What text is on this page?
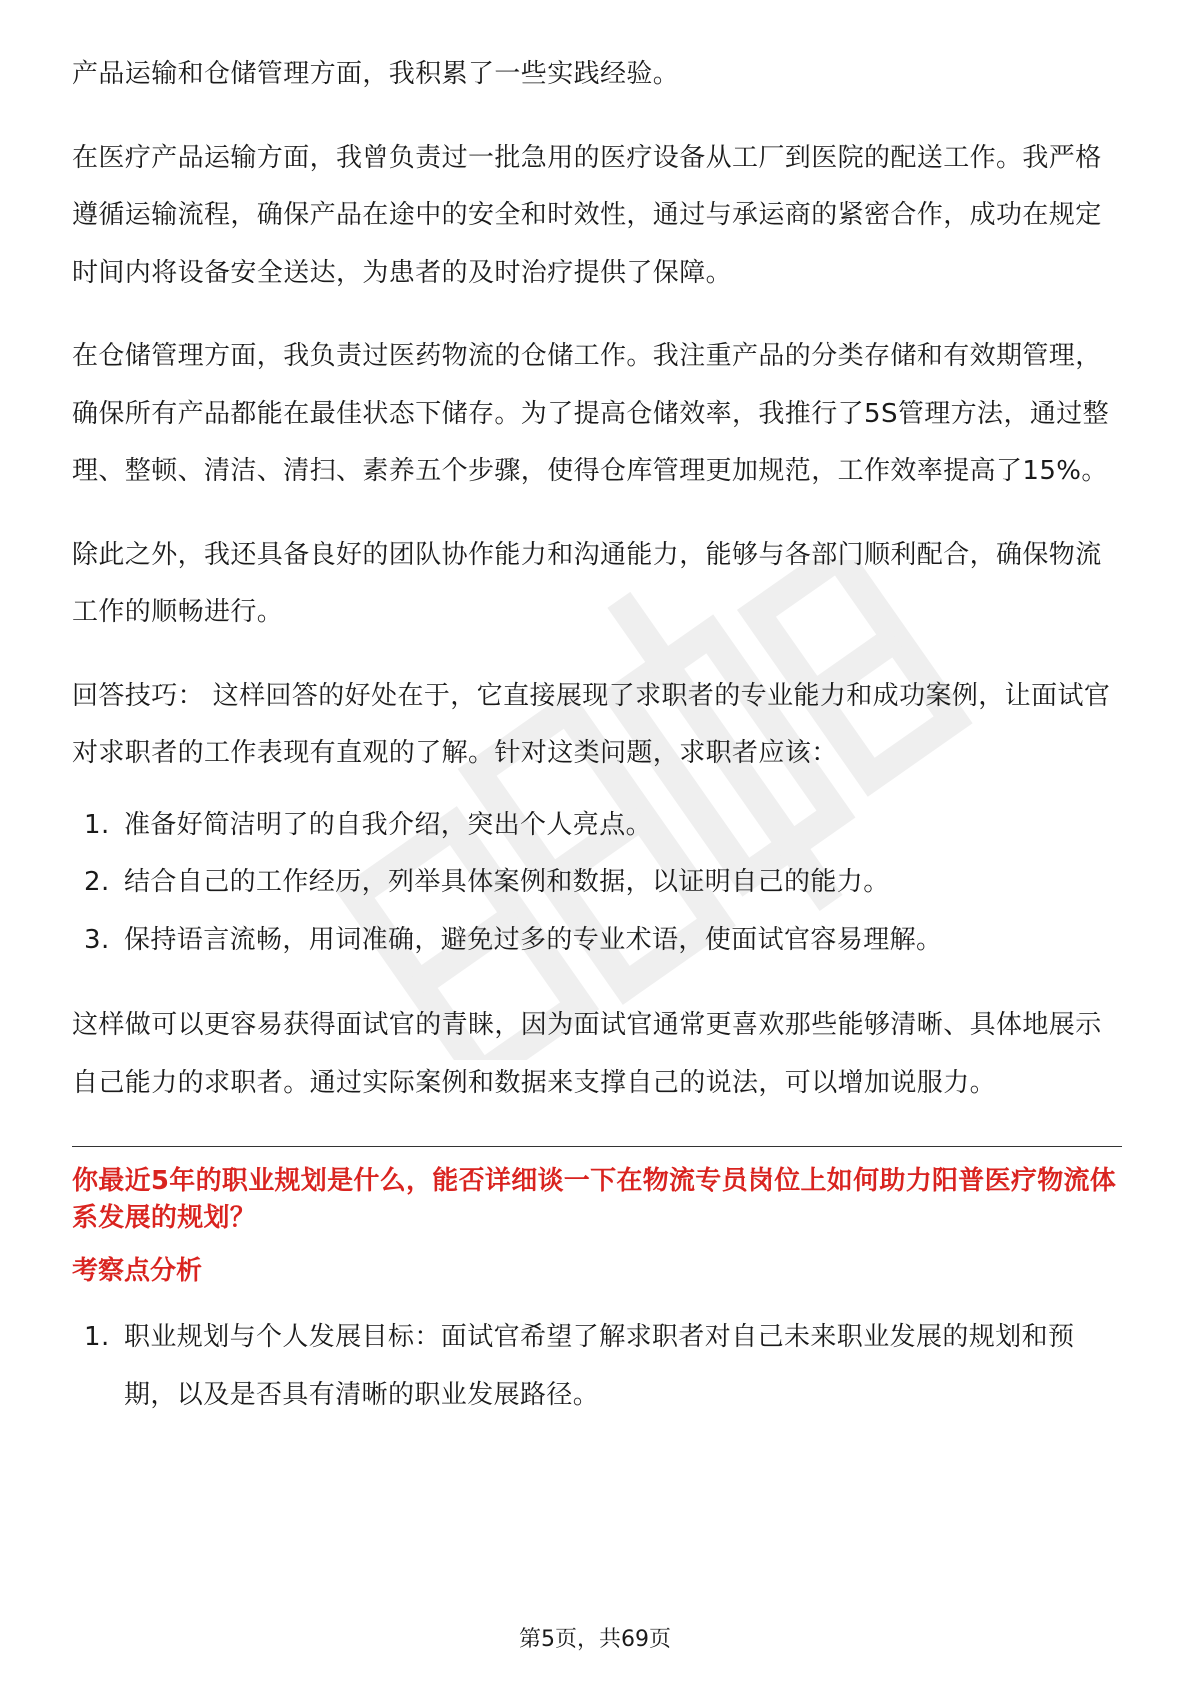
产品运输和仓储管理方面，我积累了一些实践经验。

在医疗产品运输方面，我曾负责过一批急用的医疗设备从工厂到医院的配送工作。我严格遵循运输流程，确保产品在途中的安全和时效性，通过与承运商的紧密合作，成功在规定时间内将设备安全送达，为患者的及时治疗提供了保障。

在仓储管理方面，我负责过医药物流的仓储工作。我注重产品的分类存储和有效期管理，确保所有产品都能在最佳状态下储存。为了提高仓储效率，我推行了5S管理方法，通过整理、整顿、清洁、清扫、素养五个步骤，使得仓库管理更加规范，工作效率提高了15%。

除此之外，我还具备良好的团队协作能力和沟通能力，能够与各部门顺利配合，确保物流工作的顺畅进行。

回答技巧： 这样回答的好处在于，它直接展现了求职者的专业能力和成功案例，让面试官对求职者的工作表现有直观的了解。针对这类问题，求职者应该：

1. 准备好简洁明了的自我介绍，突出个人亮点。
2. 结合自己的工作经历，列举具体案例和数据，以证明自己的能力。
3. 保持语言流畅，用词准确，避免过多的专业术语，使面试官容易理解。

这样做可以更容易获得面试官的青睐，因为面试官通常更喜欢那些能够清晰、具体地展示自己能力的求职者。通过实际案例和数据来支撑自己的说法，可以增加说服力。

你最近5年的职业规划是什么，能否详细谈一下在物流专员岗位上如何助力阳普医疗物流体系发展的规划？

考察点分析

1. 职业规划与个人发展目标：面试官希望了解求职者对自己未来职业发展的规划和预期，以及是否具有清晰的职业发展路径。
第5页，共69页
